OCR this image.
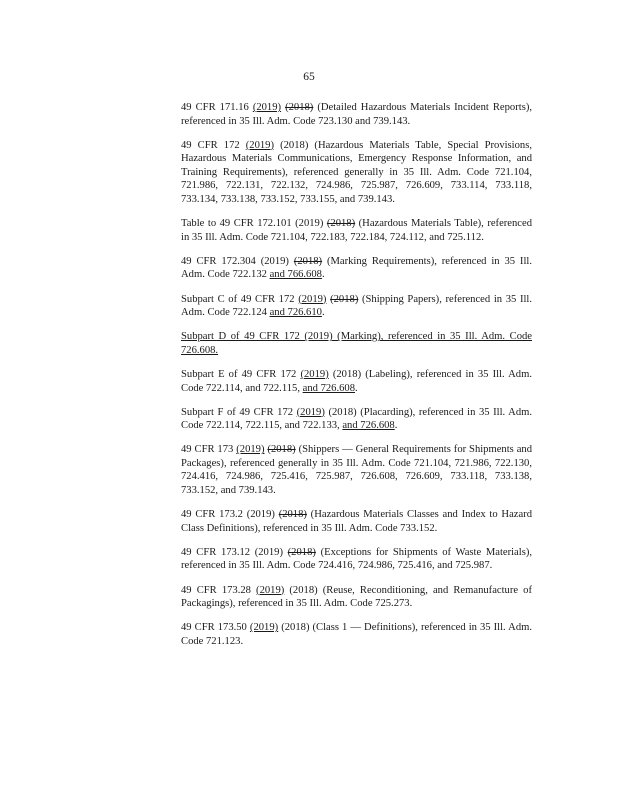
65

49 CFR 171.16 (2019) (2018) (Detailed Hazardous Materials Incident Reports), referenced in 35 Ill. Adm. Code 723.130 and 739.143.

49 CFR 172 (2019) (2018) (Hazardous Materials Table, Special Provisions, Hazardous Materials Communications, Emergency Response Information, and Training Requirements), referenced generally in 35 Ill. Adm. Code 721.104, 721.986, 722.131, 722.132, 724.986, 725.987, 726.609, 733.114, 733.118, 733.134, 733.138, 733.152, 733.155, and 739.143.

Table to 49 CFR 172.101 (2019) (2018) (Hazardous Materials Table), referenced in 35 Ill. Adm. Code 721.104, 722.183, 722.184, 724.112, and 725.112.

49 CFR 172.304 (2019) (2018) (Marking Requirements), referenced in 35 Ill. Adm. Code 722.132 and 766.608.

Subpart C of 49 CFR 172 (2019) (2018) (Shipping Papers), referenced in 35 Ill. Adm. Code 722.124 and 726.610.

Subpart D of 49 CFR 172 (2019) (Marking), referenced in 35 Ill. Adm. Code 726.608.

Subpart E of 49 CFR 172 (2019) (2018) (Labeling), referenced in 35 Ill. Adm. Code 722.114, and 722.115, and 726.608.

Subpart F of 49 CFR 172 (2019) (2018) (Placarding), referenced in 35 Ill. Adm. Code 722.114, 722.115, and 722.133, and 726.608.

49 CFR 173 (2019) (2018) (Shippers — General Requirements for Shipments and Packages), referenced generally in 35 Ill. Adm. Code 721.104, 721.986, 722.130, 724.416, 724.986, 725.416, 725.987, 726.608, 726.609, 733.118, 733.138, 733.152, and 739.143.

49 CFR 173.2 (2019) (2018) (Hazardous Materials Classes and Index to Hazard Class Definitions), referenced in 35 Ill. Adm. Code 733.152.

49 CFR 173.12 (2019) (2018) (Exceptions for Shipments of Waste Materials), referenced in 35 Ill. Adm. Code 724.416, 724.986, 725.416, and 725.987.

49 CFR 173.28 (2019) (2018) (Reuse, Reconditioning, and Remanufacture of Packagings), referenced in 35 Ill. Adm. Code 725.273.

49 CFR 173.50 (2019) (2018) (Class 1 — Definitions), referenced in 35 Ill. Adm. Code 721.123.
